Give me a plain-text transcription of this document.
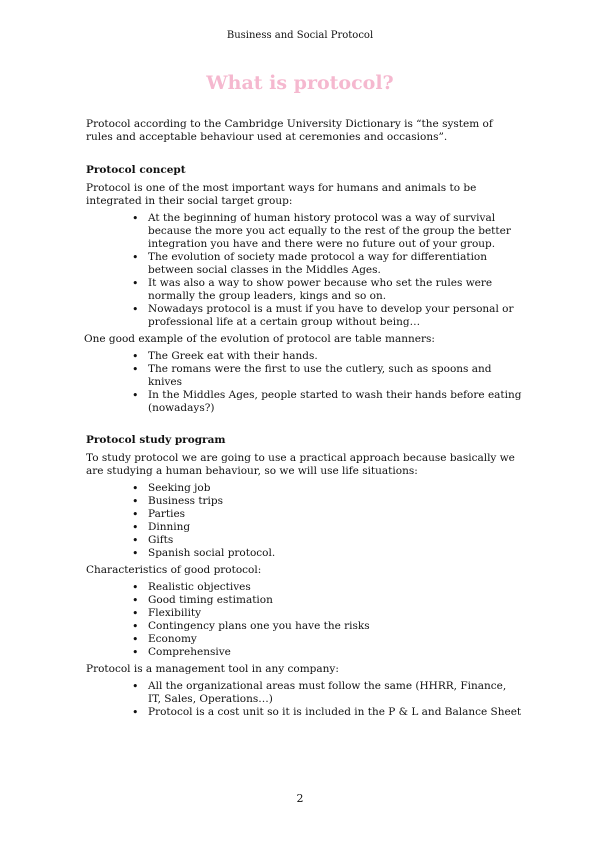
Business and Social Protocol
What is protocol?

Protocol according to the Cambridge University Dictionary is “the system of rules and acceptable behaviour used at ceremonies and occasions”.

Protocol concept

Protocol is one of the most important ways for humans and animals to be integrated in their social target group:

• At the beginning of human history protocol was a way of survival because the more you act equally to the rest of the group the better integration you have and there were no future out of your group.
• The evolution of society made protocol a way for differentiation between social classes in the Middles Ages.
• It was also a way to show power because who set the rules were normally the group leaders, kings and so on.
• Nowadays protocol is a must if you have to develop your personal or professional life at a certain group without being…

One good example of the evolution of protocol are table manners:

• The Greek eat with their hands.
• The romans were the first to use the cutlery, such as spoons and knives
• In the Middles Ages, people started to wash their hands before eating (nowadays?)

Protocol study program

To study protocol we are going to use a practical approach because basically we are studying a human behaviour, so we will use life situations:

• Seeking job
• Business trips
• Parties
• Dinning
• Gifts
• Spanish social protocol.

Characteristics of good protocol:

• Realistic objectives
• Good timing estimation
• Flexibility
• Contingency plans one you have the risks
• Economy
• Comprehensive

Protocol is a management tool in any company:

• All the organizational areas must follow the same (HHRR, Finance, IT, Sales, Operations…)
• Protocol is a cost unit so it is included in the P & L and Balance Sheet
2
